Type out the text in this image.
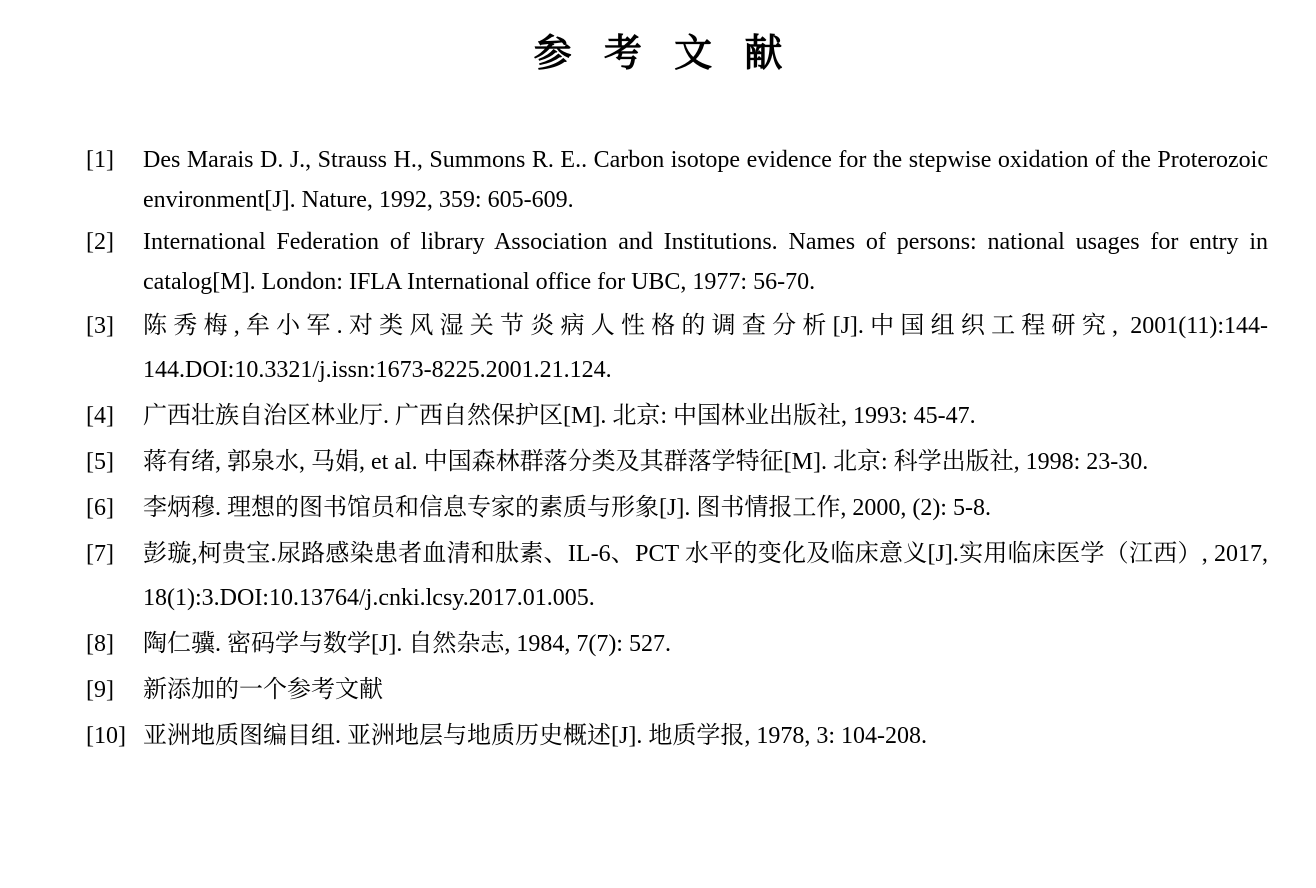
参 考 文 献
[1]	Des Marais D. J., Strauss H., Summons R. E.. Carbon isotope evidence for the stepwise oxidation of the Proterozoic environment[J]. Nature, 1992, 359: 605-609.
[2]	International Federation of library Association and Institutions. Names of persons: national usages for entry in catalog[M]. London: IFLA International office for UBC, 1977: 56-70.
[3]	陈秀梅,牟小军.对类风湿关节炎病人性格的调查分析[J].中国组织工程研究, 2001(11):144-144.DOI:10.3321/j.issn:1673-8225.2001.21.124.
[4]	广西壮族自治区林业厅. 广西自然保护区[M]. 北京: 中国林业出版社, 1993: 45-47.
[5]	蒋有绪, 郭泉水, 马娟, et al. 中国森林群落分类及其群落学特征[M]. 北京: 科学出版社, 1998: 23-30.
[6]	李炳穆. 理想的图书馆员和信息专家的素质与形象[J]. 图书情报工作, 2000, (2): 5-8.
[7]	彭璇,柯贵宝.尿路感染患者血清和肽素、IL-6、PCT 水平的变化及临床意义[J].实用临床医学（江西）, 2017, 18(1):3.DOI:10.13764/j.cnki.lcsy.2017.01.005.
[8]	陶仁骥. 密码学与数学[J]. 自然杂志, 1984, 7(7): 527.
[9]	新添加的一个参考文献
[10] 亚洲地质图编目组. 亚洲地层与地质历史概述[J]. 地质学报, 1978, 3: 104-208.
